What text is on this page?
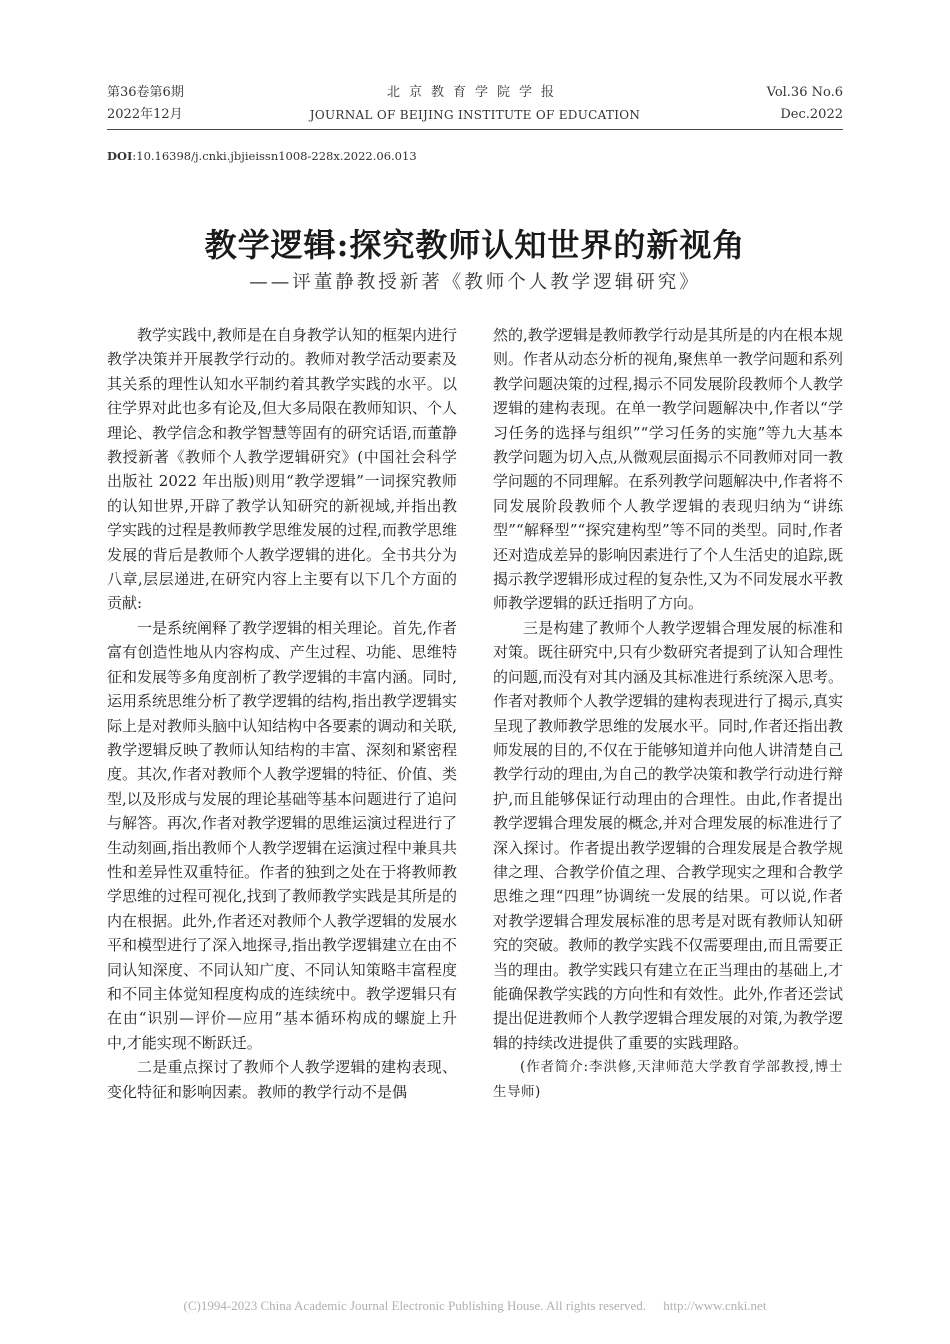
第36卷第6期
2022年12月
北京教育学院学报
JOURNAL OF BEIJING INSTITUTE OF EDUCATION
Vol.36 No.6
Dec.2022
DOI:10.16398/j.cnki.jbjieissn1008-228x.2022.06.013
教学逻辑:探究教师认知世界的新视角
——评董静教授新著《教师个人教学逻辑研究》

教学实践中,教师是在自身教学认知的框架内进行教学决策并开展教学行动的。教师对教学活动要素及其关系的理性认知水平制约着其教学实践的水平。以往学界对此也多有论及,但大多局限在教师知识、个人理论、教学信念和教学智慧等固有的研究话语,而董静教授新著《教师个人教学逻辑研究》(中国社会科学出版社 2022 年出版)则用“教学逻辑”一词探究教师的认知世界,开辟了教学认知研究的新视域,并指出教学实践的过程是教师教学思维发展的过程,而教学思维发展的背后是教师个人教学逻辑的进化。全书共分为八章,层层递进,在研究内容上主要有以下几个方面的贡献:

一是系统阐释了教学逻辑的相关理论。首先,作者富有创造性地从内容构成、产生过程、功能、思维特征和发展等多角度剖析了教学逻辑的丰富内涵。同时,运用系统思维分析了教学逻辑的结构,指出教学逻辑实际上是对教师头脑中认知结构中各要素的调动和关联,教学逻辑反映了教师认知结构的丰富、深刻和紧密程度。其次,作者对教师个人教学逻辑的特征、价值、类型,以及形成与发展的理论基础等基本问题进行了追问与解答。再次,作者对教学逻辑的思维运演过程进行了生动刻画,指出教师个人教学逻辑在运演过程中兼具共性和差异性双重特征。作者的独到之处在于将教师教学思维的过程可视化,找到了教师教学实践是其所是的内在根据。此外,作者还对教师个人教学逻辑的发展水平和模型进行了深入地探寻,指出教学逻辑建立在由不同认知深度、不同认知广度、不同认知策略丰富程度和不同主体觉知程度构成的连续统中。教学逻辑只有在由“识别—评价—应用”基本循环构成的螺旋上升中,才能实现不断跃迁。

二是重点探讨了教师个人教学逻辑的建构表现、变化特征和影响因素。教师的教学行动不是偶

然的,教学逻辑是教师教学行动是其所是的内在根本规则。作者从动态分析的视角,聚焦单一教学问题和系列教学问题决策的过程,揭示不同发展阶段教师个人教学逻辑的建构表现。在单一教学问题解决中,作者以“学习任务的选择与组织”“学习任务的实施”等九大基本教学问题为切入点,从微观层面揭示不同教师对同一教学问题的不同理解。在系列教学问题解决中,作者将不同发展阶段教师个人教学逻辑的表现归纳为“讲练型”“解释型”“探究建构型”等不同的类型。同时,作者还对造成差异的影响因素进行了个人生活史的追踪,既揭示教学逻辑形成过程的复杂性,又为不同发展水平教师教学逻辑的跃迁指明了方向。

三是构建了教师个人教学逻辑合理发展的标准和对策。既往研究中,只有少数研究者提到了认知合理性的问题,而没有对其内涵及其标准进行系统深入思考。作者对教师个人教学逻辑的建构表现进行了揭示,真实呈现了教师教学思维的发展水平。同时,作者还指出教师发展的目的,不仅在于能够知道并向他人讲清楚自己教学行动的理由,为自己的教学决策和教学行动进行辩护,而且能够保证行动理由的合理性。由此,作者提出教学逻辑合理发展的概念,并对合理发展的标准进行了深入探讨。作者提出教学逻辑的合理发展是合教学规律之理、合教学价值之理、合教学现实之理和合教学思维之理“四理”协调统一发展的结果。可以说,作者对教学逻辑合理发展标准的思考是对既有教师认知研究的突破。教师的教学实践不仅需要理由,而且需要正当的理由。教学实践只有建立在正当理由的基础上,才能确保教学实践的方向性和有效性。此外,作者还尝试提出促进教师个人教学逻辑合理发展的对策,为教学逻辑的持续改进提供了重要的实践理路。

(作者简介:李洪修,天津师范大学教育学部教授,博士生导师)

(C)1994-2023 China Academic Journal Electronic Publishing House. All rights reserved. http://www.cnki.net
